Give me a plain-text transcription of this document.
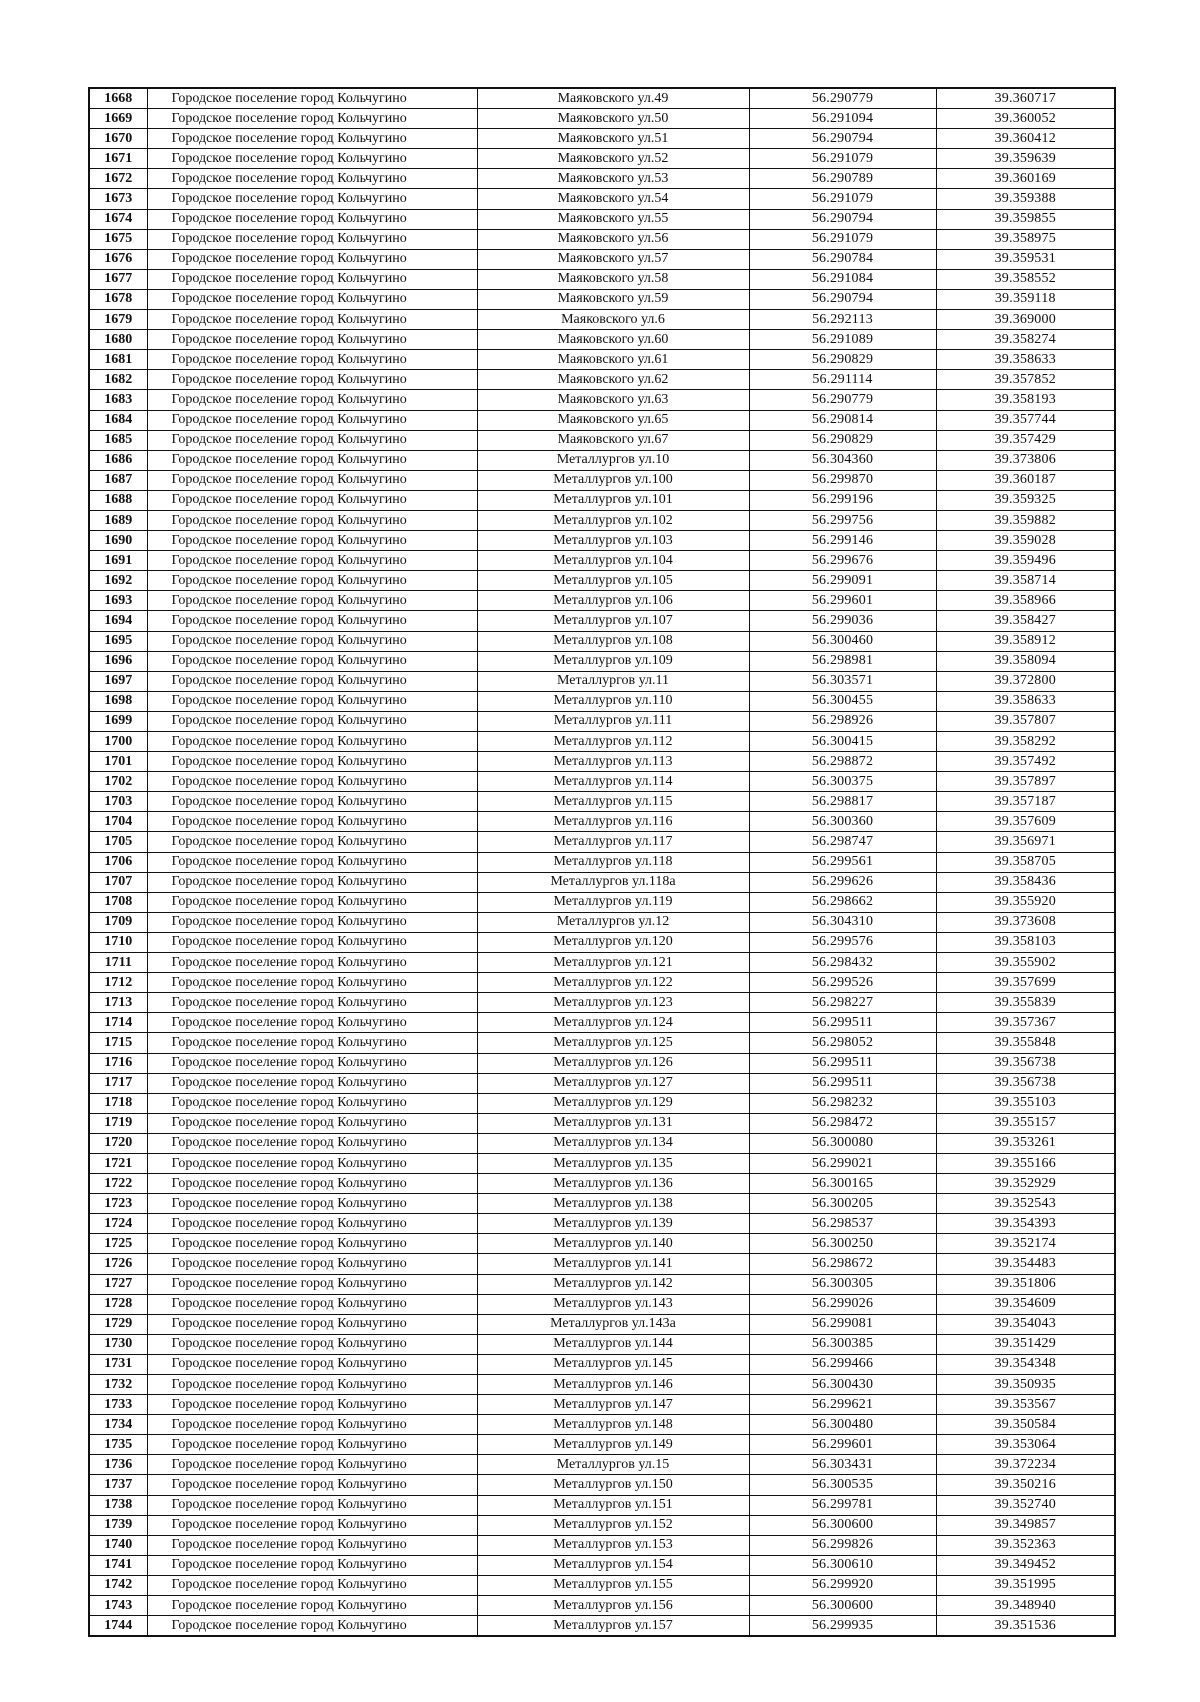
1668	Городское поселение город Кольчугино	Маяковского ул.49	56.290779	39.360717
1669	Городское поселение город Кольчугино	Маяковского ул.50	56.291094	39.360052
1670	Городское поселение город Кольчугино	Маяковского ул.51	56.290794	39.360412
1671	Городское поселение город Кольчугино	Маяковского ул.52	56.291079	39.359639
1672	Городское поселение город Кольчугино	Маяковского ул.53	56.290789	39.360169
1673	Городское поселение город Кольчугино	Маяковского ул.54	56.291079	39.359388
1674	Городское поселение город Кольчугино	Маяковского ул.55	56.290794	39.359855
1675	Городское поселение город Кольчугино	Маяковского ул.56	56.291079	39.358975
1676	Городское поселение город Кольчугино	Маяковского ул.57	56.290784	39.359531
1677	Городское поселение город Кольчугино	Маяковского ул.58	56.291084	39.358552
1678	Городское поселение город Кольчугино	Маяковского ул.59	56.290794	39.359118
1679	Городское поселение город Кольчугино	Маяковского ул.6	56.292113	39.369000
1680	Городское поселение город Кольчугино	Маяковского ул.60	56.291089	39.358274
1681	Городское поселение город Кольчугино	Маяковского ул.61	56.290829	39.358633
1682	Городское поселение город Кольчугино	Маяковского ул.62	56.291114	39.357852
1683	Городское поселение город Кольчугино	Маяковского ул.63	56.290779	39.358193
1684	Городское поселение город Кольчугино	Маяковского ул.65	56.290814	39.357744
1685	Городское поселение город Кольчугино	Маяковского ул.67	56.290829	39.357429
1686	Городское поселение город Кольчугино	Металлургов ул.10	56.304360	39.373806
1687	Городское поселение город Кольчугино	Металлургов ул.100	56.299870	39.360187
1688	Городское поселение город Кольчугино	Металлургов ул.101	56.299196	39.359325
1689	Городское поселение город Кольчугино	Металлургов ул.102	56.299756	39.359882
1690	Городское поселение город Кольчугино	Металлургов ул.103	56.299146	39.359028
1691	Городское поселение город Кольчугино	Металлургов ул.104	56.299676	39.359496
1692	Городское поселение город Кольчугино	Металлургов ул.105	56.299091	39.358714
1693	Городское поселение город Кольчугино	Металлургов ул.106	56.299601	39.358966
1694	Городское поселение город Кольчугино	Металлургов ул.107	56.299036	39.358427
1695	Городское поселение город Кольчугино	Металлургов ул.108	56.300460	39.358912
1696	Городское поселение город Кольчугино	Металлургов ул.109	56.298981	39.358094
1697	Городское поселение город Кольчугино	Металлургов ул.11	56.303571	39.372800
1698	Городское поселение город Кольчугино	Металлургов ул.110	56.300455	39.358633
1699	Городское поселение город Кольчугино	Металлургов ул.111	56.298926	39.357807
1700	Городское поселение город Кольчугино	Металлургов ул.112	56.300415	39.358292
1701	Городское поселение город Кольчугино	Металлургов ул.113	56.298872	39.357492
1702	Городское поселение город Кольчугино	Металлургов ул.114	56.300375	39.357897
1703	Городское поселение город Кольчугино	Металлургов ул.115	56.298817	39.357187
1704	Городское поселение город Кольчугино	Металлургов ул.116	56.300360	39.357609
1705	Городское поселение город Кольчугино	Металлургов ул.117	56.298747	39.356971
1706	Городское поселение город Кольчугино	Металлургов ул.118	56.299561	39.358705
1707	Городское поселение город Кольчугино	Металлургов ул.118а	56.299626	39.358436
1708	Городское поселение город Кольчугино	Металлургов ул.119	56.298662	39.355920
1709	Городское поселение город Кольчугино	Металлургов ул.12	56.304310	39.373608
1710	Городское поселение город Кольчугино	Металлургов ул.120	56.299576	39.358103
1711	Городское поселение город Кольчугино	Металлургов ул.121	56.298432	39.355902
1712	Городское поселение город Кольчугино	Металлургов ул.122	56.299526	39.357699
1713	Городское поселение город Кольчугино	Металлургов ул.123	56.298227	39.355839
1714	Городское поселение город Кольчугино	Металлургов ул.124	56.299511	39.357367
1715	Городское поселение город Кольчугино	Металлургов ул.125	56.298052	39.355848
1716	Городское поселение город Кольчугино	Металлургов ул.126	56.299511	39.356738
1717	Городское поселение город Кольчугино	Металлургов ул.127	56.299511	39.356738
1718	Городское поселение город Кольчугино	Металлургов ул.129	56.298232	39.355103
1719	Городское поселение город Кольчугино	Металлургов ул.131	56.298472	39.355157
1720	Городское поселение город Кольчугино	Металлургов ул.134	56.300080	39.353261
1721	Городское поселение город Кольчугино	Металлургов ул.135	56.299021	39.355166
1722	Городское поселение город Кольчугино	Металлургов ул.136	56.300165	39.352929
1723	Городское поселение город Кольчугино	Металлургов ул.138	56.300205	39.352543
1724	Городское поселение город Кольчугино	Металлургов ул.139	56.298537	39.354393
1725	Городское поселение город Кольчугино	Металлургов ул.140	56.300250	39.352174
1726	Городское поселение город Кольчугино	Металлургов ул.141	56.298672	39.354483
1727	Городское поселение город Кольчугино	Металлургов ул.142	56.300305	39.351806
1728	Городское поселение город Кольчугино	Металлургов ул.143	56.299026	39.354609
1729	Городское поселение город Кольчугино	Металлургов ул.143а	56.299081	39.354043
1730	Городское поселение город Кольчугино	Металлургов ул.144	56.300385	39.351429
1731	Городское поселение город Кольчугино	Металлургов ул.145	56.299466	39.354348
1732	Городское поселение город Кольчугино	Металлургов ул.146	56.300430	39.350935
1733	Городское поселение город Кольчугино	Металлургов ул.147	56.299621	39.353567
1734	Городское поселение город Кольчугино	Металлургов ул.148	56.300480	39.350584
1735	Городское поселение город Кольчугино	Металлургов ул.149	56.299601	39.353064
1736	Городское поселение город Кольчугино	Металлургов ул.15	56.303431	39.372234
1737	Городское поселение город Кольчугино	Металлургов ул.150	56.300535	39.350216
1738	Городское поселение город Кольчугино	Металлургов ул.151	56.299781	39.352740
1739	Городское поселение город Кольчугино	Металлургов ул.152	56.300600	39.349857
1740	Городское поселение город Кольчугино	Металлургов ул.153	56.299826	39.352363
1741	Городское поселение город Кольчугино	Металлургов ул.154	56.300610	39.349452
1742	Городское поселение город Кольчугино	Металлургов ул.155	56.299920	39.351995
1743	Городское поселение город Кольчугино	Металлургов ул.156	56.300600	39.348940
1744	Городское поселение город Кольчугино	Металлургов ул.157	56.299935	39.351536
